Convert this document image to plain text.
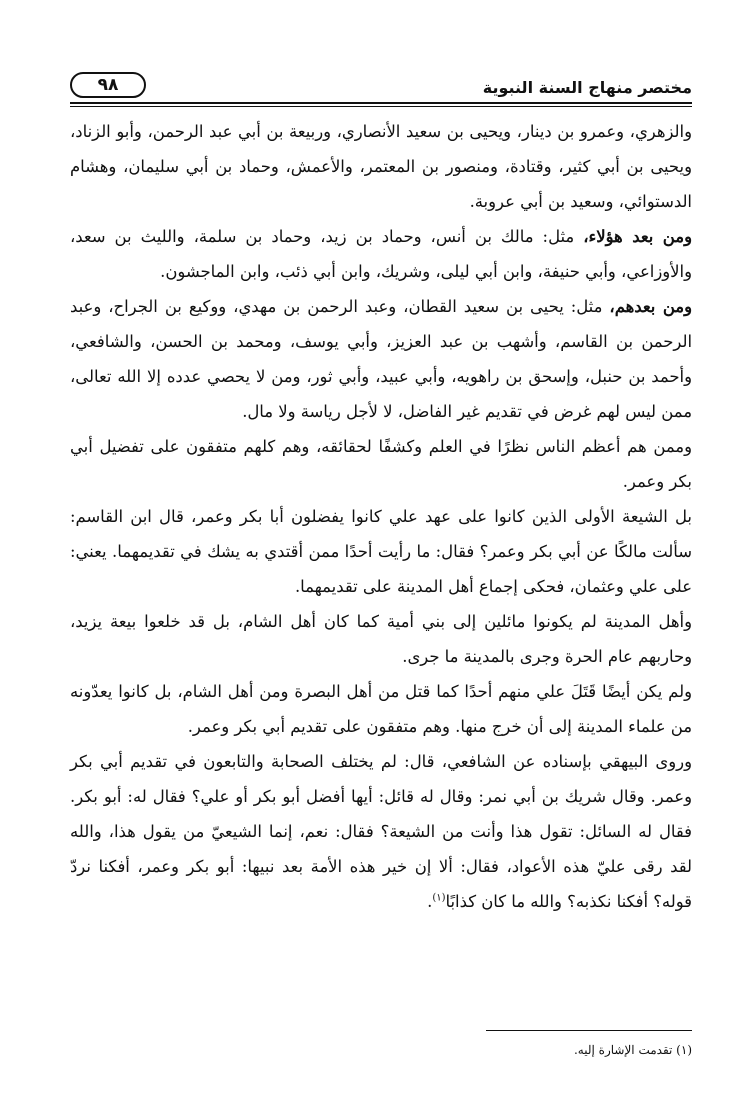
مختصر منهاج السنة النبوية
٩٨

والزهري، وعمرو بن دينار، ويحيى بن سعيد الأنصاري، وربيعة بن أبي عبد الرحمن، وأبو الزناد، ويحيى بن أبي كثير، وقتادة، ومنصور بن المعتمر، والأعمش، وحماد بن أبي سليمان، وهشام الدستوائي، وسعيد بن أبي عروبة.

ومن بعد هؤلاء، مثل: مالك بن أنس، وحماد بن زيد، وحماد بن سلمة، والليث بن سعد، والأوزاعي، وأبي حنيفة، وابن أبي ليلى، وشريك، وابن أبي ذئب، وابن الماجشون.

ومن بعدهم، مثل: يحيى بن سعيد القطان، وعبد الرحمن بن مهدي، ووكيع بن الجراح، وعبد الرحمن بن القاسم، وأشهب بن عبد العزيز، وأبي يوسف، ومحمد بن الحسن، والشافعي، وأحمد بن حنبل، وإسحق بن راهويه، وأبي عبيد، وأبي ثور، ومن لا يحصي عدده إلا الله تعالى، ممن ليس لهم غرض في تقديم غير الفاضل، لا لأجل رياسة ولا مال.

وممن هم أعظم الناس نظرًا في العلم وكشفًا لحقائقه، وهم كلهم متفقون على تفضيل أبي بكر وعمر.

بل الشيعة الأولى الذين كانوا على عهد علي كانوا يفضلون أبا بكر وعمر، قال ابن القاسم: سألت مالكًا عن أبي بكر وعمر؟ فقال: ما رأيت أحدًا ممن أقتدي به يشك في تقديمهما. يعني: على علي وعثمان، فحكى إجماع أهل المدينة على تقديمهما.

وأهل المدينة لم يكونوا مائلين إلى بني أمية كما كان أهل الشام، بل قد خلعوا بيعة يزيد، وحاربهم عام الحرة وجرى بالمدينة ما جرى.

ولم يكن أيضًا قَتَلَ علي منهم أحدًا كما قتل من أهل البصرة ومن أهل الشام، بل كانوا يعدّونه من علماء المدينة إلى أن خرج منها. وهم متفقون على تقديم أبي بكر وعمر.

وروى البيهقي بإسناده عن الشافعي، قال: لم يختلف الصحابة والتابعون في تقديم أبي بكر وعمر. وقال شريك بن أبي نمر: وقال له قائل: أيها أفضل أبو بكر أو علي؟ فقال له: أبو بكر. فقال له السائل: تقول هذا وأنت من الشيعة؟ فقال: نعم، إنما الشيعيّ من يقول هذا، والله لقد رقى عليّ هذه الأعواد، فقال: ألا إن خير هذه الأمة بعد نبيها: أبو بكر وعمر، أفكنا نردّ قوله؟ أفكنا نكذبه؟ والله ما كان كذابًا$^{(١)}$.

(١) تقدمت الإشارة إليه.
